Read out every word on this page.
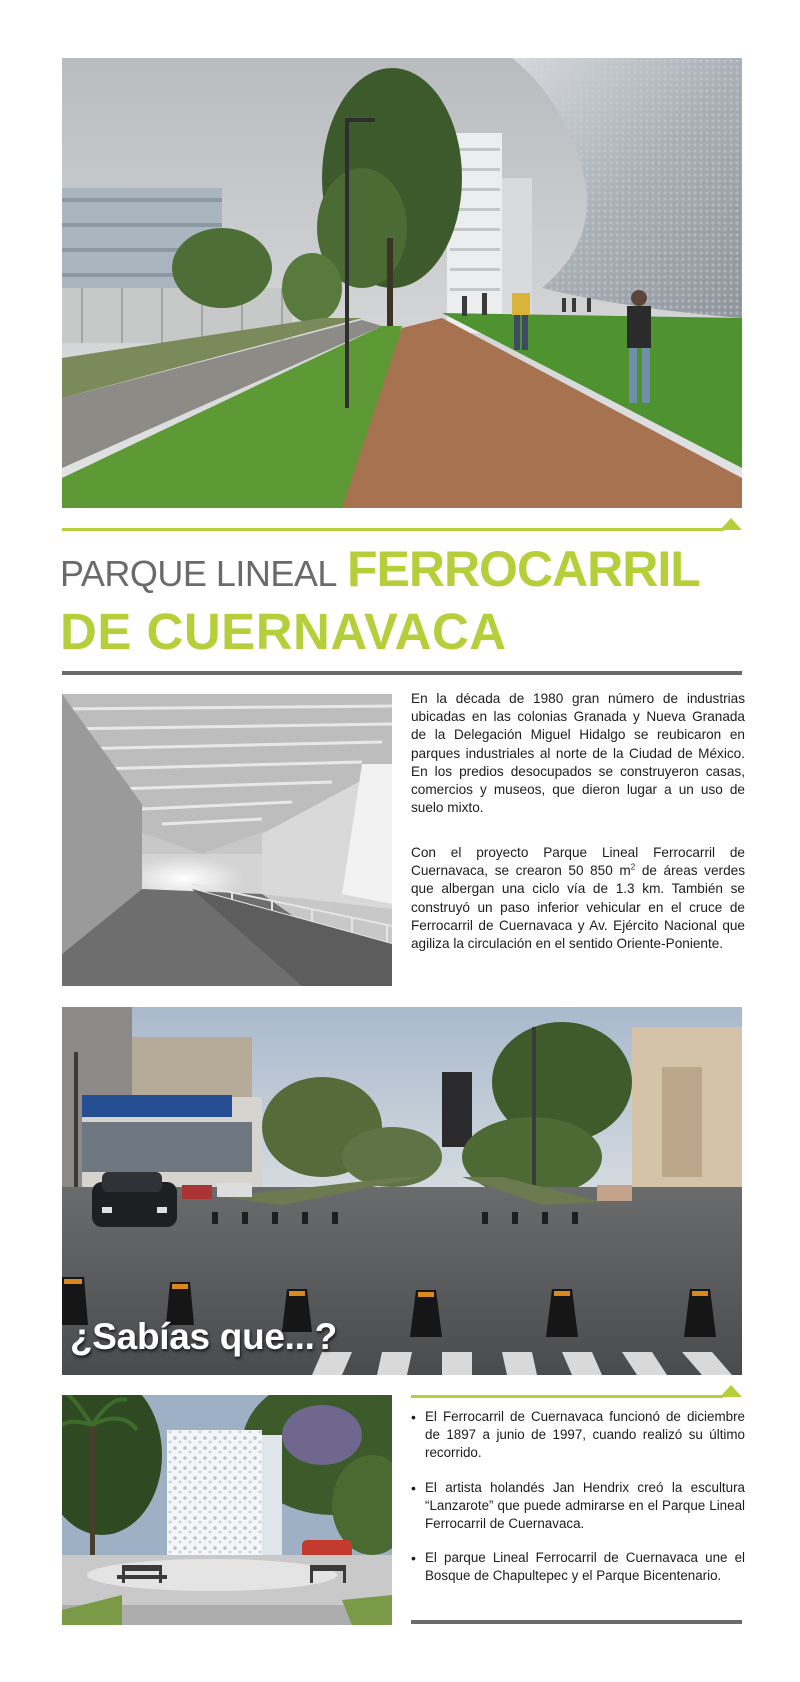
PARQUE LINEAL FERROCARRIL
DE CUERNAVACA

En la década de 1980 gran número de industrias ubicadas en las colonias Granada y Nueva Granada de la Delegación Miguel Hidalgo se reubicaron en parques industriales al norte de la Ciudad de México. En los predios desocupados se construyeron casas, comercios y museos, que dieron lugar a un uso de suelo mixto.

Con el proyecto Parque Lineal Ferrocarril de Cuernavaca, se crearon 50 850 $m^2$ de áreas verdes que albergan una ciclo vía de 1.3 km. También se construyó un paso inferior vehicular en el cruce de Ferrocarril de Cuernavaca y Av. Ejército Nacional que agiliza la circulación en el sentido Oriente-Poniente.

¿Sabías que...?
• El Ferrocarril de Cuernavaca funcionó de diciembre de 1897 a junio de 1997, cuando realizó su último recorrido.
• El artista holandés Jan Hendrix creó la escultura “Lanzarote” que puede admirarse en el Parque Lineal Ferrocarril de Cuernavaca.
• El parque Lineal Ferrocarril de Cuernavaca une el Bosque de Chapultepec y el Parque Bicentenario.
